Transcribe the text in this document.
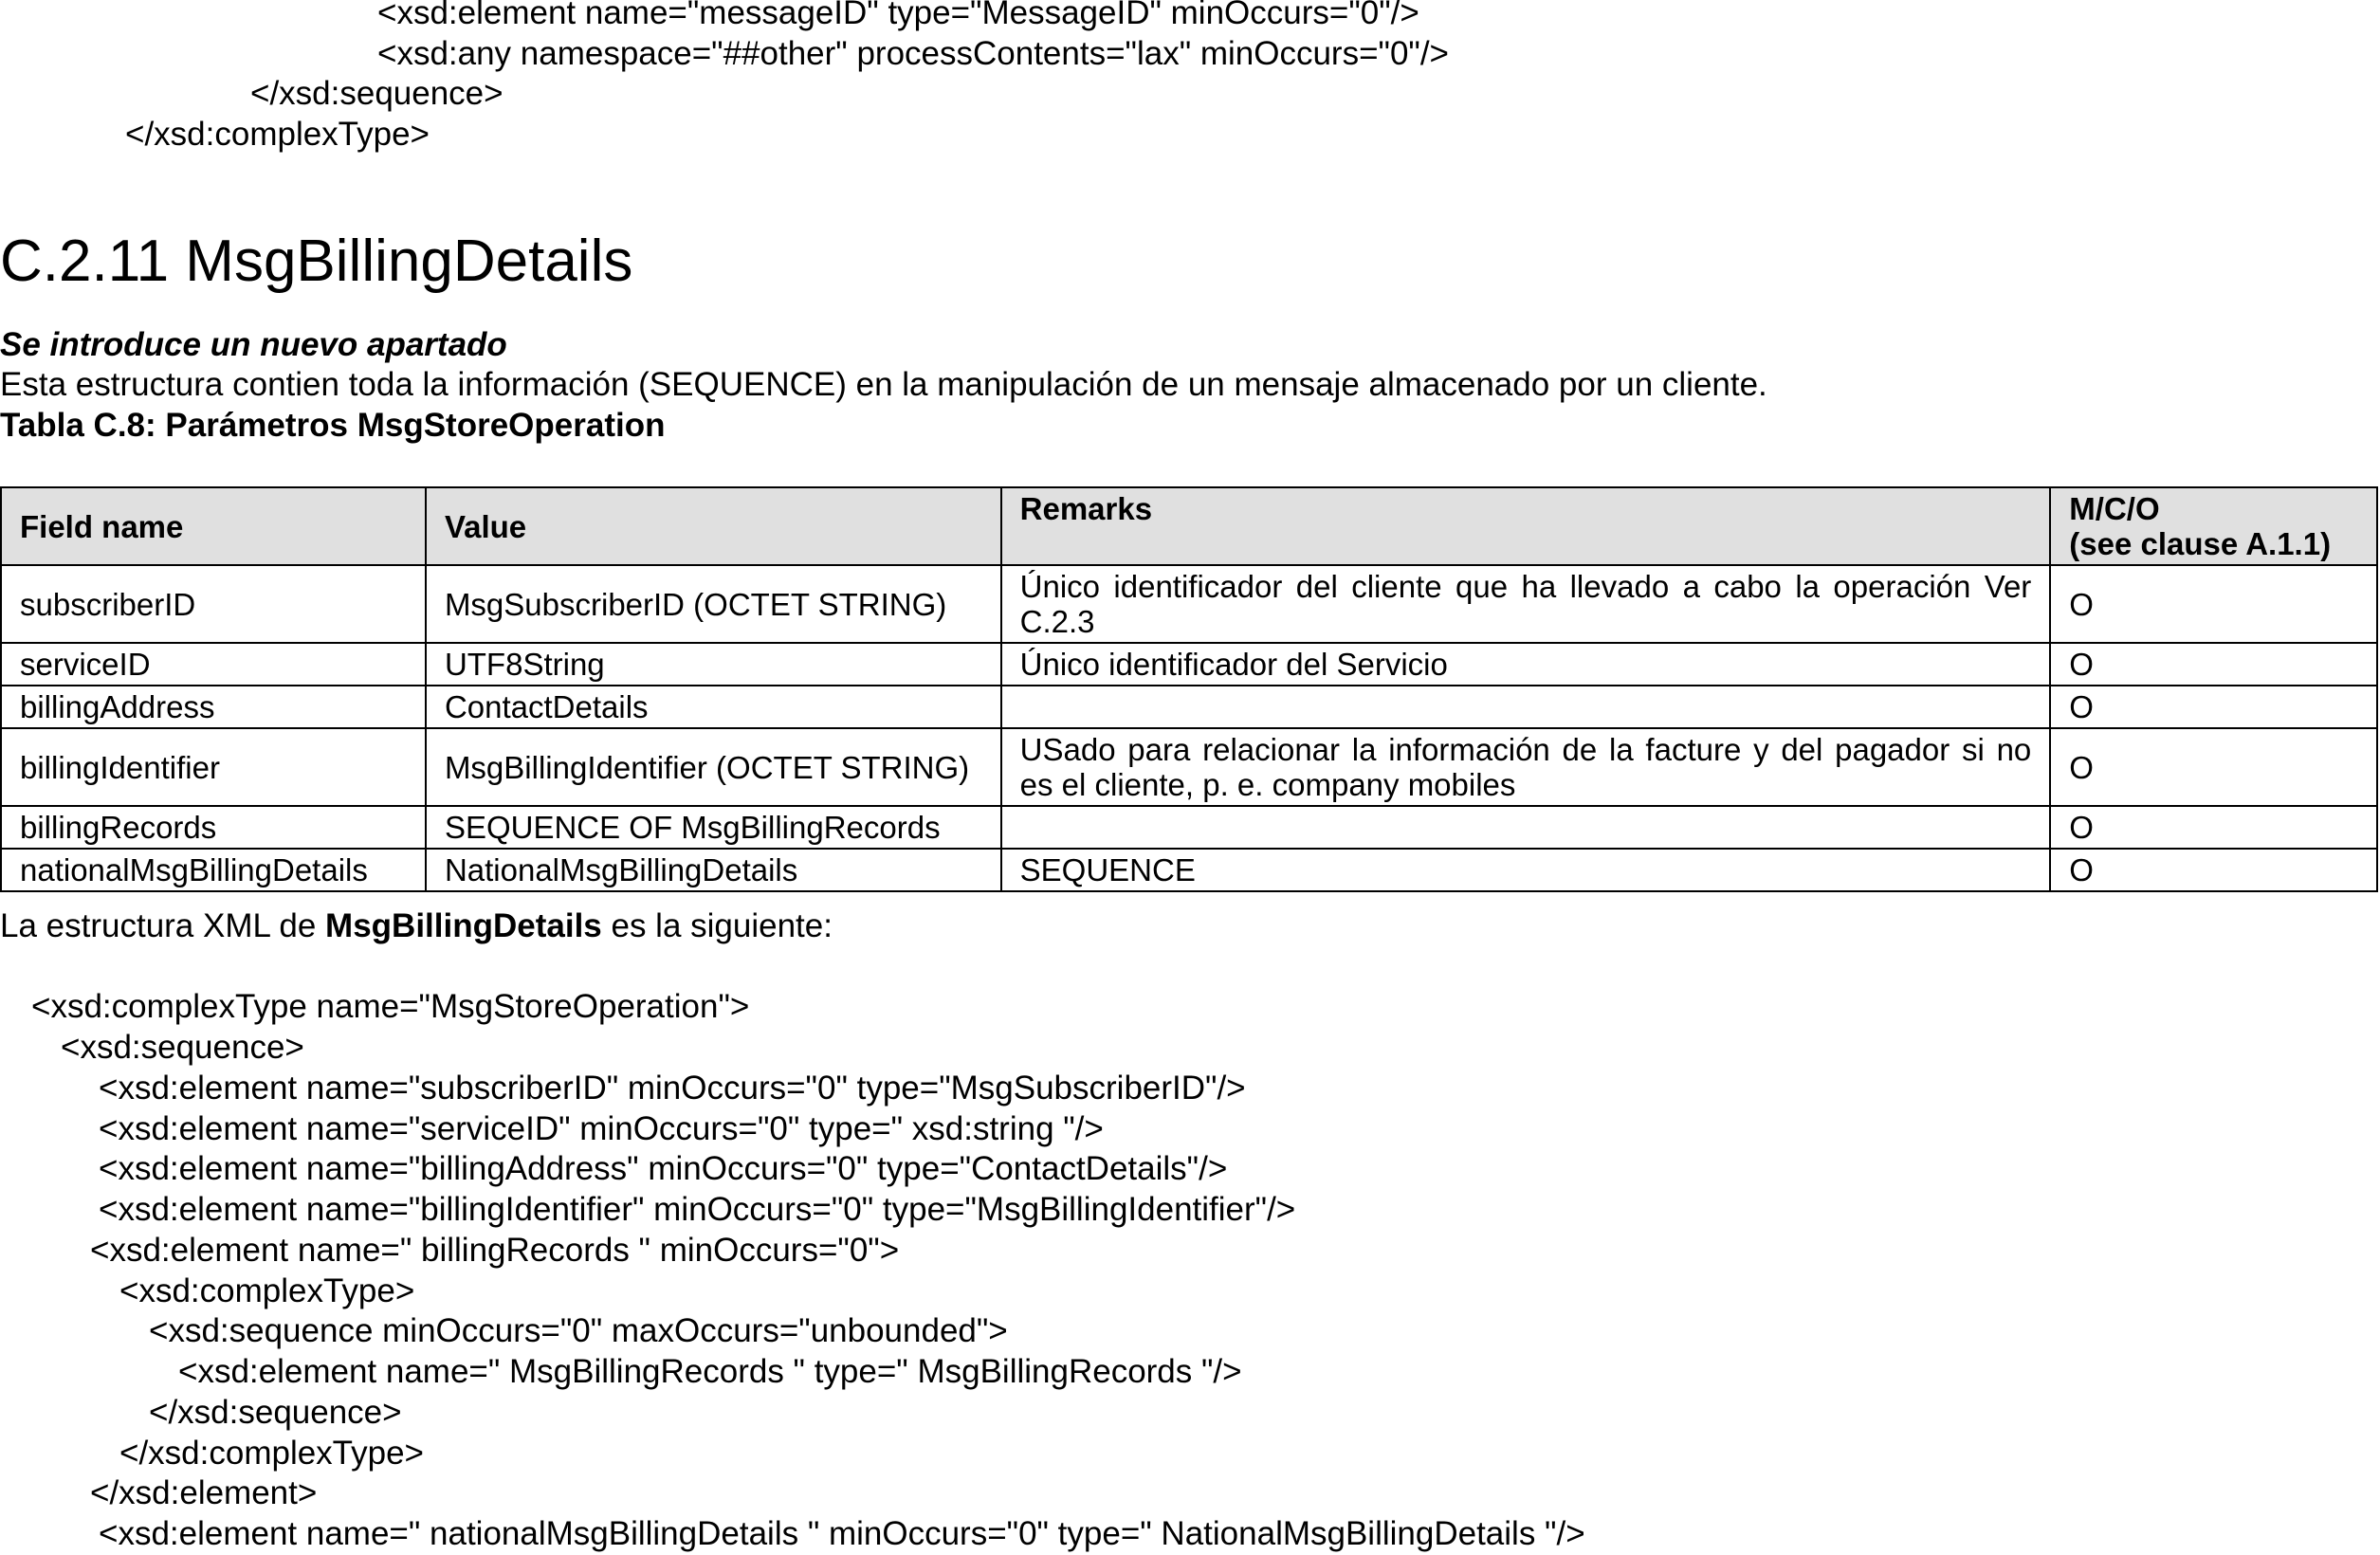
<xsd:element name="messageID" type="MessageID" minOccurs="0"/>
<xsd:any namespace="##other" processContents="lax" minOccurs="0"/>
</xsd:sequence>
</xsd:complexType>
C.2.11 MsgBillingDetails
Se introduce un nuevo apartado
Esta estructura contien toda la información (SEQUENCE) en la manipulación de un mensaje almacenado por un cliente.
Tabla C.8: Parámetros MsgStoreOperation
Field name	Value	Remarks	M/C/O
(see clause A.1.1)
subscriberID	MsgSubscriberID (OCTET STRING)	Único identificador del cliente que ha llevado a cabo la operación Ver C.2.3	O
serviceID	UTF8String	Único identificador del Servicio	O
billingAddress	ContactDetails		O
billingIdentifier	MsgBillingIdentifier (OCTET STRING)	USado para relacionar la información de la facture y del pagador si no es el cliente, p. e. company mobiles	O
billingRecords	SEQUENCE OF MsgBillingRecords		O
nationalMsgBillingDetails	NationalMsgBillingDetails	SEQUENCE	O
La estructura XML de MsgBillingDetails es la siguiente:
<xsd:complexType name="MsgStoreOperation">
<xsd:sequence>
<xsd:element name="subscriberID" minOccurs="0" type="MsgSubscriberID"/>
<xsd:element name="serviceID" minOccurs="0" type=" xsd:string "/>
<xsd:element name="billingAddress" minOccurs="0" type="ContactDetails"/>
<xsd:element name="billingIdentifier" minOccurs="0" type="MsgBillingIdentifier"/>
<xsd:element name=" billingRecords " minOccurs="0">
<xsd:complexType>
<xsd:sequence minOccurs="0" maxOccurs="unbounded">
<xsd:element name=" MsgBillingRecords " type=" MsgBillingRecords "/>
</xsd:sequence>
</xsd:complexType>
</xsd:element>
<xsd:element name=" nationalMsgBillingDetails " minOccurs="0" type=" NationalMsgBillingDetails "/>
